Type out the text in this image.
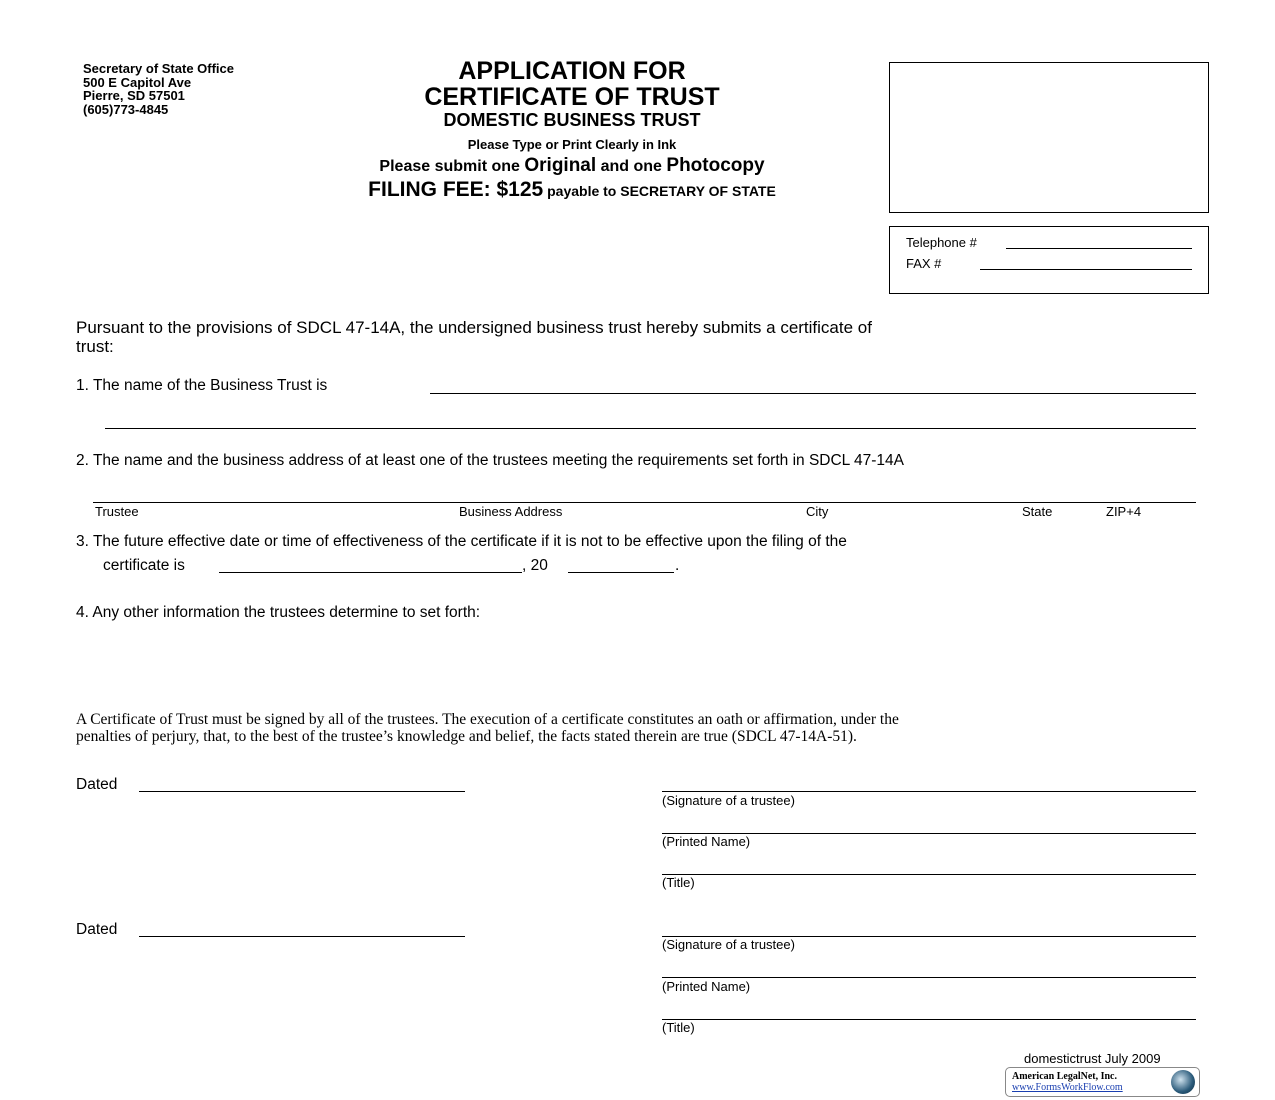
Secretary of State Office
500 E Capitol Ave
Pierre, SD 57501
(605)773-4845
APPLICATION FOR
CERTIFICATE OF TRUST
DOMESTIC BUSINESS TRUST
Please Type or Print Clearly in Ink
Please submit one Original and one Photocopy
FILING FEE: $125 payable to SECRETARY OF STATE
Telephone #
FAX #
Pursuant to the provisions of SDCL 47-14A, the undersigned business trust hereby submits a certificate of
trust:
1. The name of the Business Trust is
2. The name and the business address of at least one of the trustees meeting the requirements set forth in SDCL 47-14A
Trustee	Business Address	City	State	ZIP+4
3. The future effective date or time of effectiveness of the certificate if it is not to be effective upon the filing of the
certificate is	, 20	.
4. Any other information the trustees determine to set forth:
A Certificate of Trust must be signed by all of the trustees. The execution of a certificate constitutes an oath or affirmation, under the
penalties of perjury, that, to the best of the trustee’s knowledge and belief, the facts stated therein are true (SDCL 47-14A-51).
Dated
(Signature of a trustee)
(Printed Name)
(Title)
Dated
(Signature of a trustee)
(Printed Name)
(Title)
domestictrust July 2009
American LegalNet, Inc.
www.FormsWorkFlow.com
